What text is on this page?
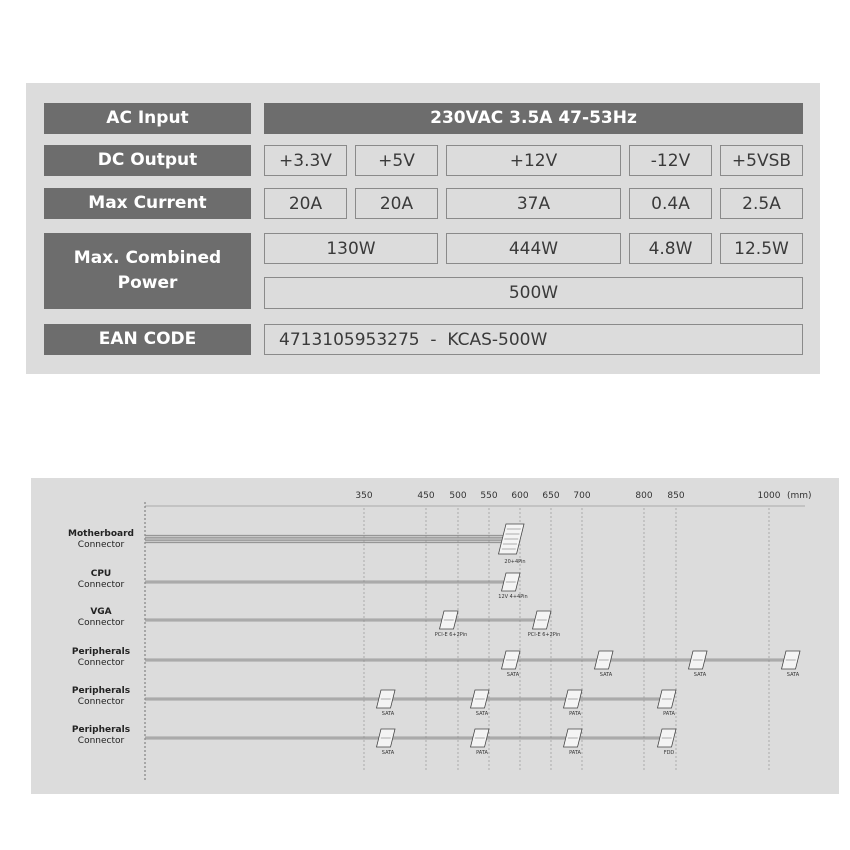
AC Input	230VAC 3.5A 47-53Hz
DC Output	+3.3V	+5V	+12V	-12V	+5VSB
Max Current	20A	20A	37A	0.4A	2.5A
Max. Combined
Power
130W	444W	4.8W	12.5W
500W
EAN CODE	4713105953275  -  KCAS-500W
350	450 500 550 600 650 700	800 850	1000 (mm)
Motherboard
Connector
20+4Pin
CPU
Connector
12V 4+4Pin
VGA
Connector
PCI-E 6+2Pin	PCI-E 6+2Pin
Peripherals
Connector
SATA	SATA	SATA	SATA
Peripherals
Connector
SATA	SATA	PATA	PATA
Peripherals
Connector
SATA	PATA	PATA	FDD
